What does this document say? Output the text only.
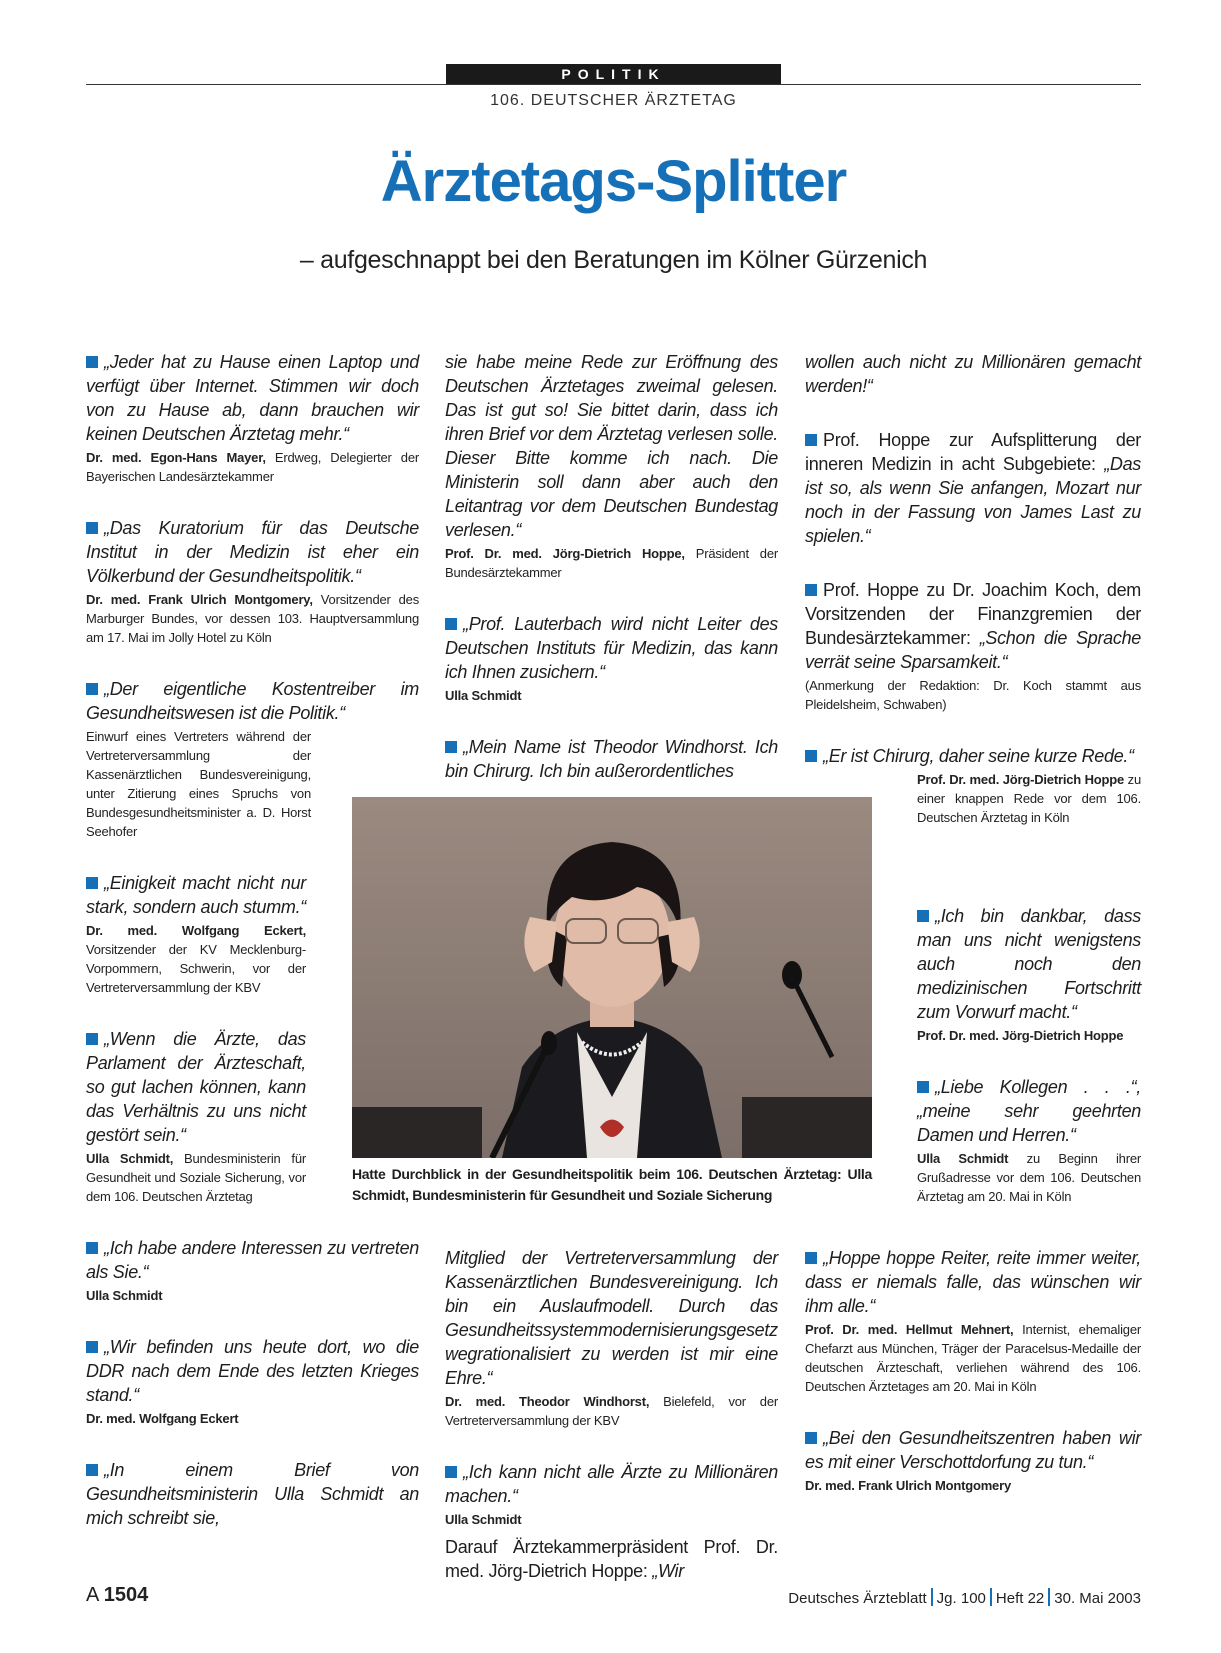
POLITIK
106. DEUTSCHER ÄRZTETAG
Ärztetags-Splitter
– aufgeschnappt bei den Beratungen im Kölner Gürzenich

„Jeder hat zu Hause einen Laptop und verfügt über Internet. Stimmen wir doch von zu Hause ab, dann brauchen wir keinen Deutschen Ärztetag mehr.“

Dr. med. Egon-Hans Mayer, Erdweg, Delegierter der Bayerischen Landesärztekammer

„Das Kuratorium für das Deutsche Institut in der Medizin ist eher ein Völkerbund der Gesundheitspolitik.“

Dr. med. Frank Ulrich Montgomery, Vorsitzender des Marburger Bundes, vor dessen 103. Hauptversammlung am 17. Mai im Jolly Hotel zu Köln

„Der eigentliche Kostentreiber im Gesundheitswesen ist die Politik.“

Einwurf eines Vertreters während der Vertreterversammlung der Kassenärztlichen Bundesvereinigung, unter Zitierung eines Spruchs von Bundesgesundheitsminister a. D. Horst Seehofer

„Einigkeit macht nicht nur stark, sondern auch stumm.“

Dr. med. Wolfgang Eckert, Vorsitzender der KV Mecklenburg-Vorpommern, Schwerin, vor der Vertreterversammlung der KBV

„Wenn die Ärzte, das Parlament der Ärzteschaft, so gut lachen können, kann das Verhältnis zu uns nicht gestört sein.“

Ulla Schmidt, Bundesministerin für Gesundheit und Soziale Sicherung, vor dem 106. Deutschen Ärztetag

„Ich habe andere Interessen zu vertreten als Sie.“

Ulla Schmidt

„Wir befinden uns heute dort, wo die DDR nach dem Ende des letzten Krieges stand.“

Dr. med. Wolfgang Eckert

„In einem Brief von Gesundheitsministerin Ulla Schmidt an mich schreibt sie,

sie habe meine Rede zur Eröffnung des Deutschen Ärztetages zweimal gelesen. Das ist gut so! Sie bittet darin, dass ich ihren Brief vor dem Ärztetag verlesen solle. Dieser Bitte komme ich nach. Die Ministerin soll dann aber auch den Leitantrag vor dem Deutschen Bundestag verlesen.“

Prof. Dr. med. Jörg-Dietrich Hoppe, Präsident der Bundesärztekammer

„Prof. Lauterbach wird nicht Leiter des Deutschen Instituts für Medizin, das kann ich Ihnen zusichern.“

Ulla Schmidt

„Mein Name ist Theodor Windhorst. Ich bin Chirurg. Ich bin außerordentliches

Hatte Durchblick in der Gesundheitspolitik beim 106. Deutschen Ärztetag: Ulla Schmidt, Bundesministerin für Gesundheit und Soziale Sicherung

Mitglied der Vertreterversammlung der Kassenärztlichen Bundesvereinigung. Ich bin ein Auslaufmodell. Durch das Gesundheitssystemmodernisierungsgesetz wegrationalisiert zu werden ist mir eine Ehre.“

Dr. med. Theodor Windhorst, Bielefeld, vor der Vertreterversammlung der KBV

„Ich kann nicht alle Ärzte zu Millionären machen.“

Ulla Schmidt

Darauf Ärztekammerpräsident Prof. Dr. med. Jörg-Dietrich Hoppe: „Wir

wollen auch nicht zu Millionären gemacht werden!“

Prof. Hoppe zur Aufsplitterung der inneren Medizin in acht Subgebiete: „Das ist so, als wenn Sie anfangen, Mozart nur noch in der Fassung von James Last zu spielen.“

Prof. Hoppe zu Dr. Joachim Koch, dem Vorsitzenden der Finanzgremien der Bundesärztekammer: „Schon die Sprache verrät seine Sparsamkeit.“

(Anmerkung der Redaktion: Dr. Koch stammt aus Pleidelsheim, Schwaben)

„Er ist Chirurg, daher seine kurze Rede.“

Prof. Dr. med. Jörg-Dietrich Hoppe zu einer knappen Rede vor dem 106. Deutschen Ärztetag in Köln

„Ich bin dankbar, dass man uns nicht wenigstens auch noch den medizinischen Fortschritt zum Vorwurf macht.“

Prof. Dr. med. Jörg-Dietrich Hoppe

„Liebe Kollegen . . .“, „meine sehr geehrten Damen und Herren.“

Ulla Schmidt zu Beginn ihrer Grußadresse vor dem 106. Deutschen Ärztetag am 20. Mai in Köln

„Hoppe hoppe Reiter, reite immer weiter, dass er niemals falle, das wünschen wir ihm alle.“

Prof. Dr. med. Hellmut Mehnert, Internist, ehemaliger Chefarzt aus München, Träger der Paracelsus-Medaille der deutschen Ärzteschaft, verliehen während des 106. Deutschen Ärztetages am 20. Mai in Köln

„Bei den Gesundheitszentren haben wir es mit einer Verschottdorfung zu tun.“

Dr. med. Frank Ulrich Montgomery

A 1504	Deutsches Ärzteblatt Jg. 100 Heft 22 30. Mai 2003
